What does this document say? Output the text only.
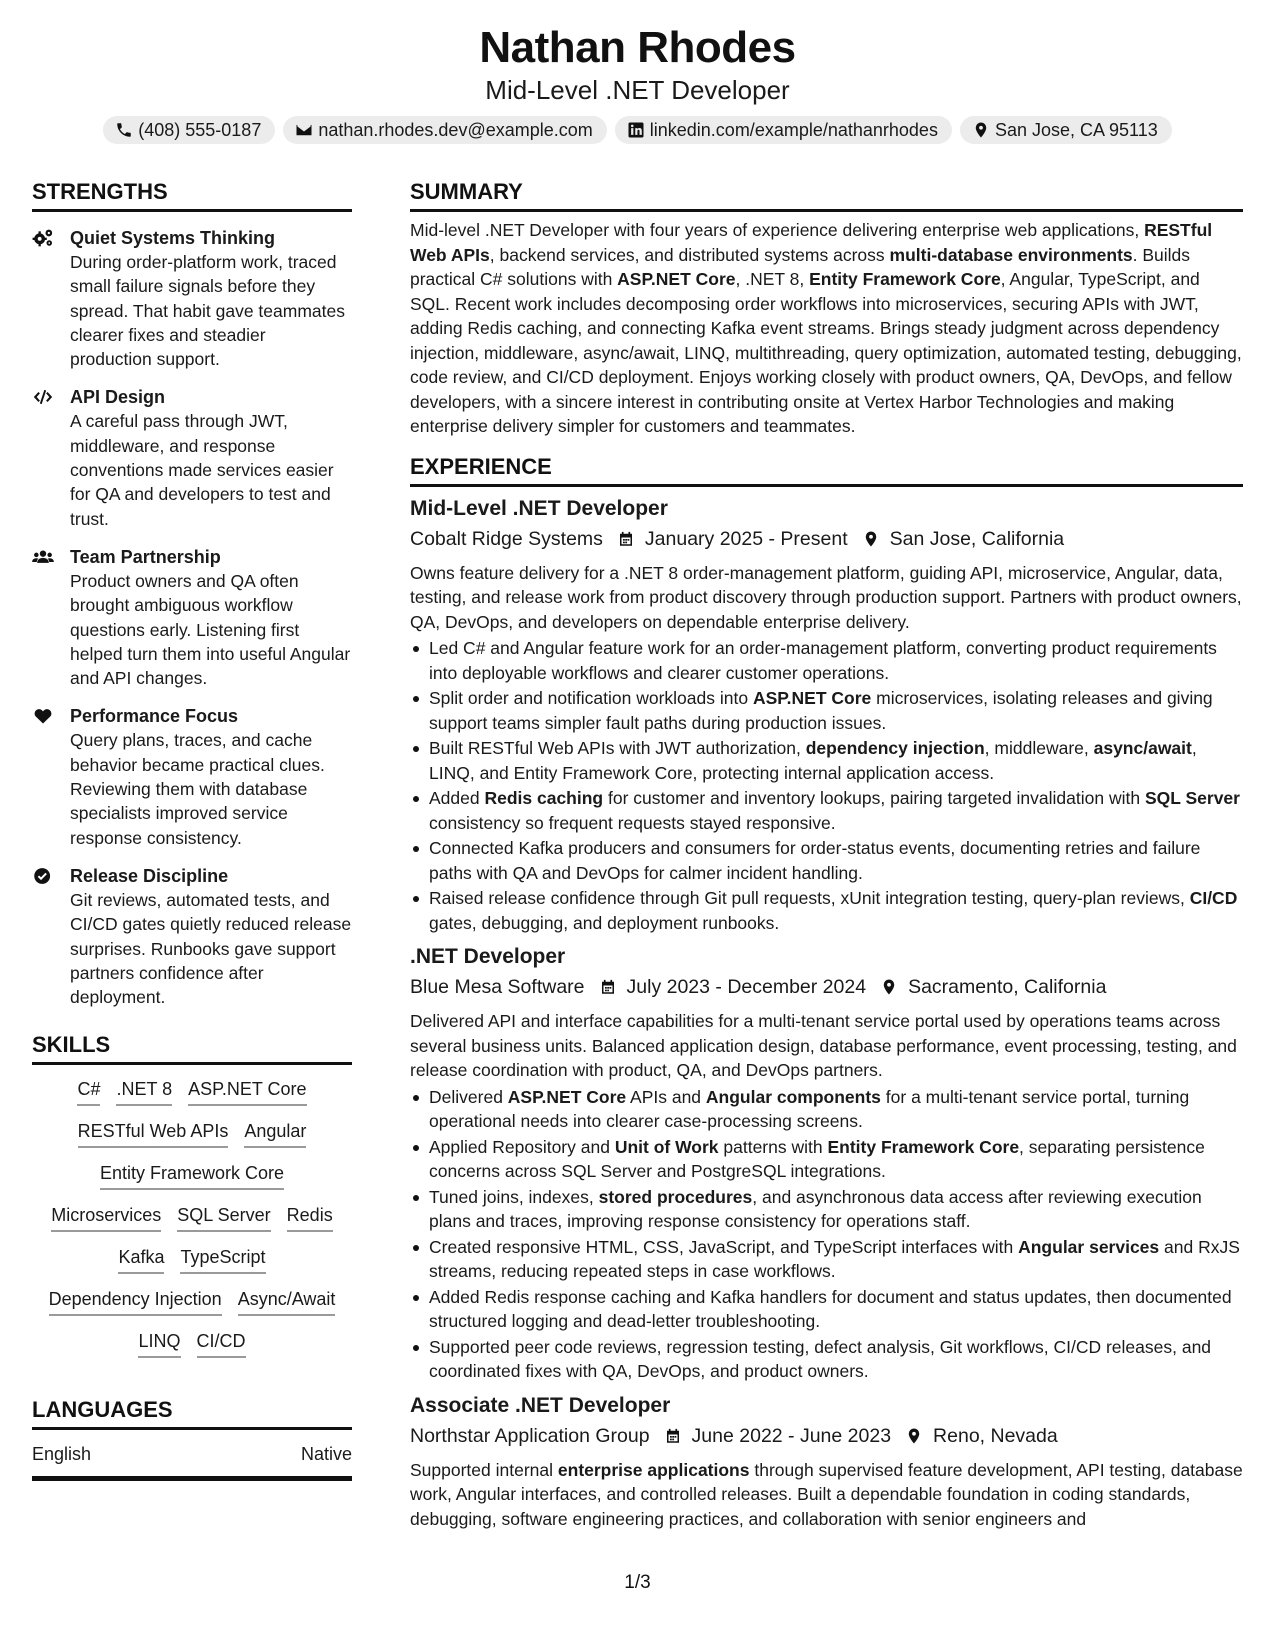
Nathan Rhodes
Mid-Level .NET Developer
(408) 555-0187	nathan.rhodes.dev@example.com	linkedin.com/example/nathanrhodes	San Jose, CA 95113
STRENGTHS
Quiet Systems Thinking
During order-platform work, traced small failure signals before they spread. That habit gave teammates clearer fixes and steadier production support.
API Design
A careful pass through JWT, middleware, and response conventions made services easier for QA and developers to test and trust.
Team Partnership
Product owners and QA often brought ambiguous workflow questions early. Listening first helped turn them into useful Angular and API changes.
Performance Focus
Query plans, traces, and cache behavior became practical clues. Reviewing them with database specialists improved service response consistency.
Release Discipline
Git reviews, automated tests, and CI/CD gates quietly reduced release surprises. Runbooks gave support partners confidence after deployment.
SKILLS
C# .NET 8 ASP.NET Core
RESTful Web APIs Angular
Entity Framework Core
Microservices SQL Server Redis
Kafka TypeScript
Dependency Injection Async/Await
LINQ CI/CD
LANGUAGES
English	Native
SUMMARY
Mid-level .NET Developer with four years of experience delivering enterprise web applications, RESTful Web APIs, backend services, and distributed systems across multi-database environments. Builds practical C# solutions with ASP.NET Core, .NET 8, Entity Framework Core, Angular, TypeScript, and SQL. Recent work includes decomposing order workflows into microservices, securing APIs with JWT, adding Redis caching, and connecting Kafka event streams. Brings steady judgment across dependency injection, middleware, async/await, LINQ, multithreading, query optimization, automated testing, debugging, code review, and CI/CD deployment. Enjoys working closely with product owners, QA, DevOps, and fellow developers, with a sincere interest in contributing onsite at Vertex Harbor Technologies and making enterprise delivery simpler for customers and teammates.
EXPERIENCE
Mid-Level .NET Developer
Cobalt Ridge Systems January 2025 - Present San Jose, California
Owns feature delivery for a .NET 8 order-management platform, guiding API, microservice, Angular, data, testing, and release work from product discovery through production support. Partners with product owners, QA, DevOps, and developers on dependable enterprise delivery.
Led C# and Angular feature work for an order-management platform, converting product requirements into deployable workflows and clearer customer operations.
Split order and notification workloads into ASP.NET Core microservices, isolating releases and giving support teams simpler fault paths during production issues.
Built RESTful Web APIs with JWT authorization, dependency injection, middleware, async/await, LINQ, and Entity Framework Core, protecting internal application access.
Added Redis caching for customer and inventory lookups, pairing targeted invalidation with SQL Server consistency so frequent requests stayed responsive.
Connected Kafka producers and consumers for order-status events, documenting retries and failure paths with QA and DevOps for calmer incident handling.
Raised release confidence through Git pull requests, xUnit integration testing, query-plan reviews, CI/CD gates, debugging, and deployment runbooks.
.NET Developer
Blue Mesa Software July 2023 - December 2024 Sacramento, California
Delivered API and interface capabilities for a multi-tenant service portal used by operations teams across several business units. Balanced application design, database performance, event processing, testing, and release coordination with product, QA, and DevOps partners.
Delivered ASP.NET Core APIs and Angular components for a multi-tenant service portal, turning operational needs into clearer case-processing screens.
Applied Repository and Unit of Work patterns with Entity Framework Core, separating persistence concerns across SQL Server and PostgreSQL integrations.
Tuned joins, indexes, stored procedures, and asynchronous data access after reviewing execution plans and traces, improving response consistency for operations staff.
Created responsive HTML, CSS, JavaScript, and TypeScript interfaces with Angular services and RxJS streams, reducing repeated steps in case workflows.
Added Redis response caching and Kafka handlers for document and status updates, then documented structured logging and dead-letter troubleshooting.
Supported peer code reviews, regression testing, defect analysis, Git workflows, CI/CD releases, and coordinated fixes with QA, DevOps, and product owners.
Associate .NET Developer
Northstar Application Group June 2022 - June 2023 Reno, Nevada
Supported internal enterprise applications through supervised feature development, API testing, database work, Angular interfaces, and controlled releases. Built a dependable foundation in coding standards, debugging, software engineering practices, and collaboration with senior engineers and
1/3
